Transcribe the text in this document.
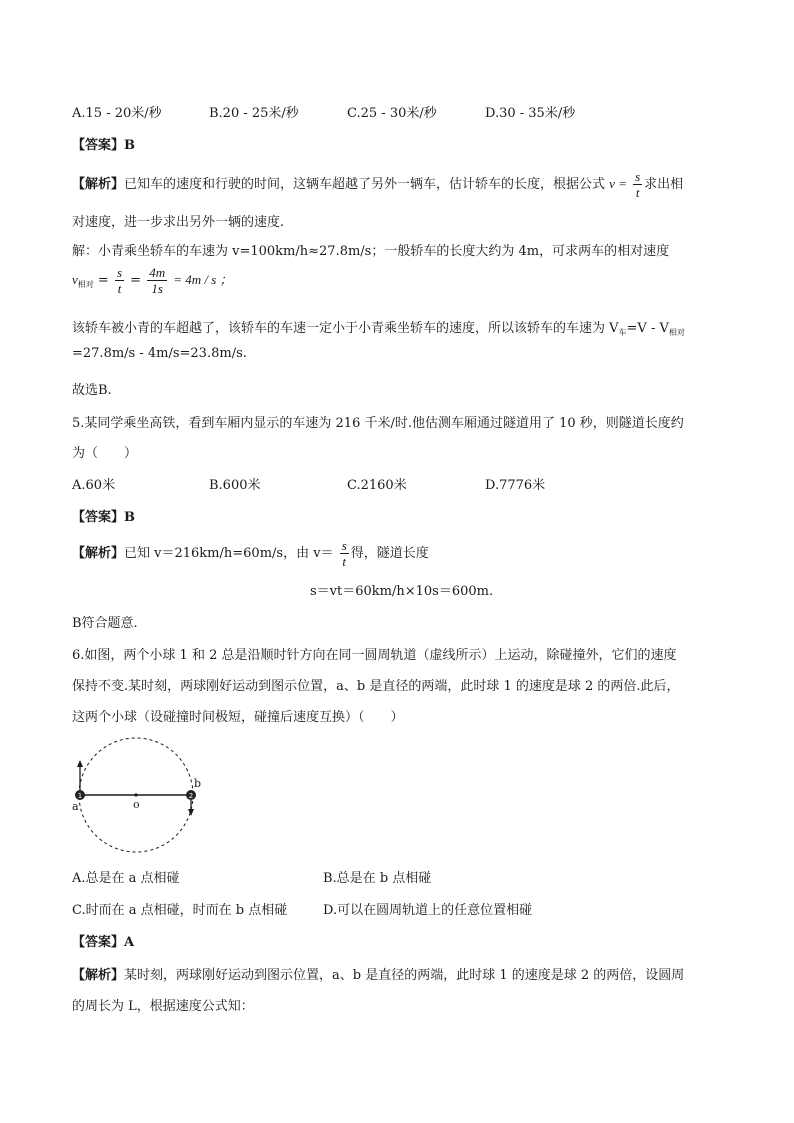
A.15 - 20米/秒	B.20 - 25米/秒	C.25 - 30米/秒	D.30 - 35米/秒
【答案】B
【解析】已知车的速度和行驶的时间，这辆车超越了另外一辆车，估计轿车的长度，根据公式 $v = \frac{s}{t}$ 求出相
对速度，进一步求出另外一辆的速度.
解：小青乘坐轿车的车速为 v=100km/h≈27.8m/s；一般轿车的长度大约为 4m，可求两车的相对速度
$v_{相对} = \frac{s}{t} = \frac{4m}{1s} = 4m / s$ ；
该轿车被小青的车超越了，该轿车的车速一定小于小青乘坐轿车的速度，所以该轿车的车速为 $V_车=V - V_{相对}$
=27.8m/s - 4m/s=23.8m/s.
故选B.
5.某同学乘坐高铁，看到车厢内显示的车速为 216 千米/时.他估测车厢通过隧道用了 10 秒，则隧道长度约
为（　　）
A.60米	B.600米	C.2160米	D.7776米
【答案】B
【解析】已知 v＝216km/h=60m/s，由 $v= \frac{s}{t}$ 得，隧道长度
s＝vt＝60km/h×10s＝600m.
B符合题意.
6.如图，两个小球 1 和 2 总是沿顺时针方向在同一圆周轨道（虚线所示）上运动，除碰撞外，它们的速度
保持不变.某时刻，两球刚好运动到图示位置，a、b 是直径的两端，此时球 1 的速度是球 2 的两倍.此后，
这两个小球（设碰撞时间极短，碰撞后速度互换）（　　）
1	2
a
b
o
A.总是在 a 点相碰	B.总是在 b 点相碰
C.时而在 a 点相碰，时而在 b 点相碰	D.可以在圆周轨道上的任意位置相碰
【答案】A
【解析】某时刻，两球刚好运动到图示位置，a、b 是直径的两端，此时球 1 的速度是球 2 的两倍，设圆周
的周长为 L，根据速度公式知：
